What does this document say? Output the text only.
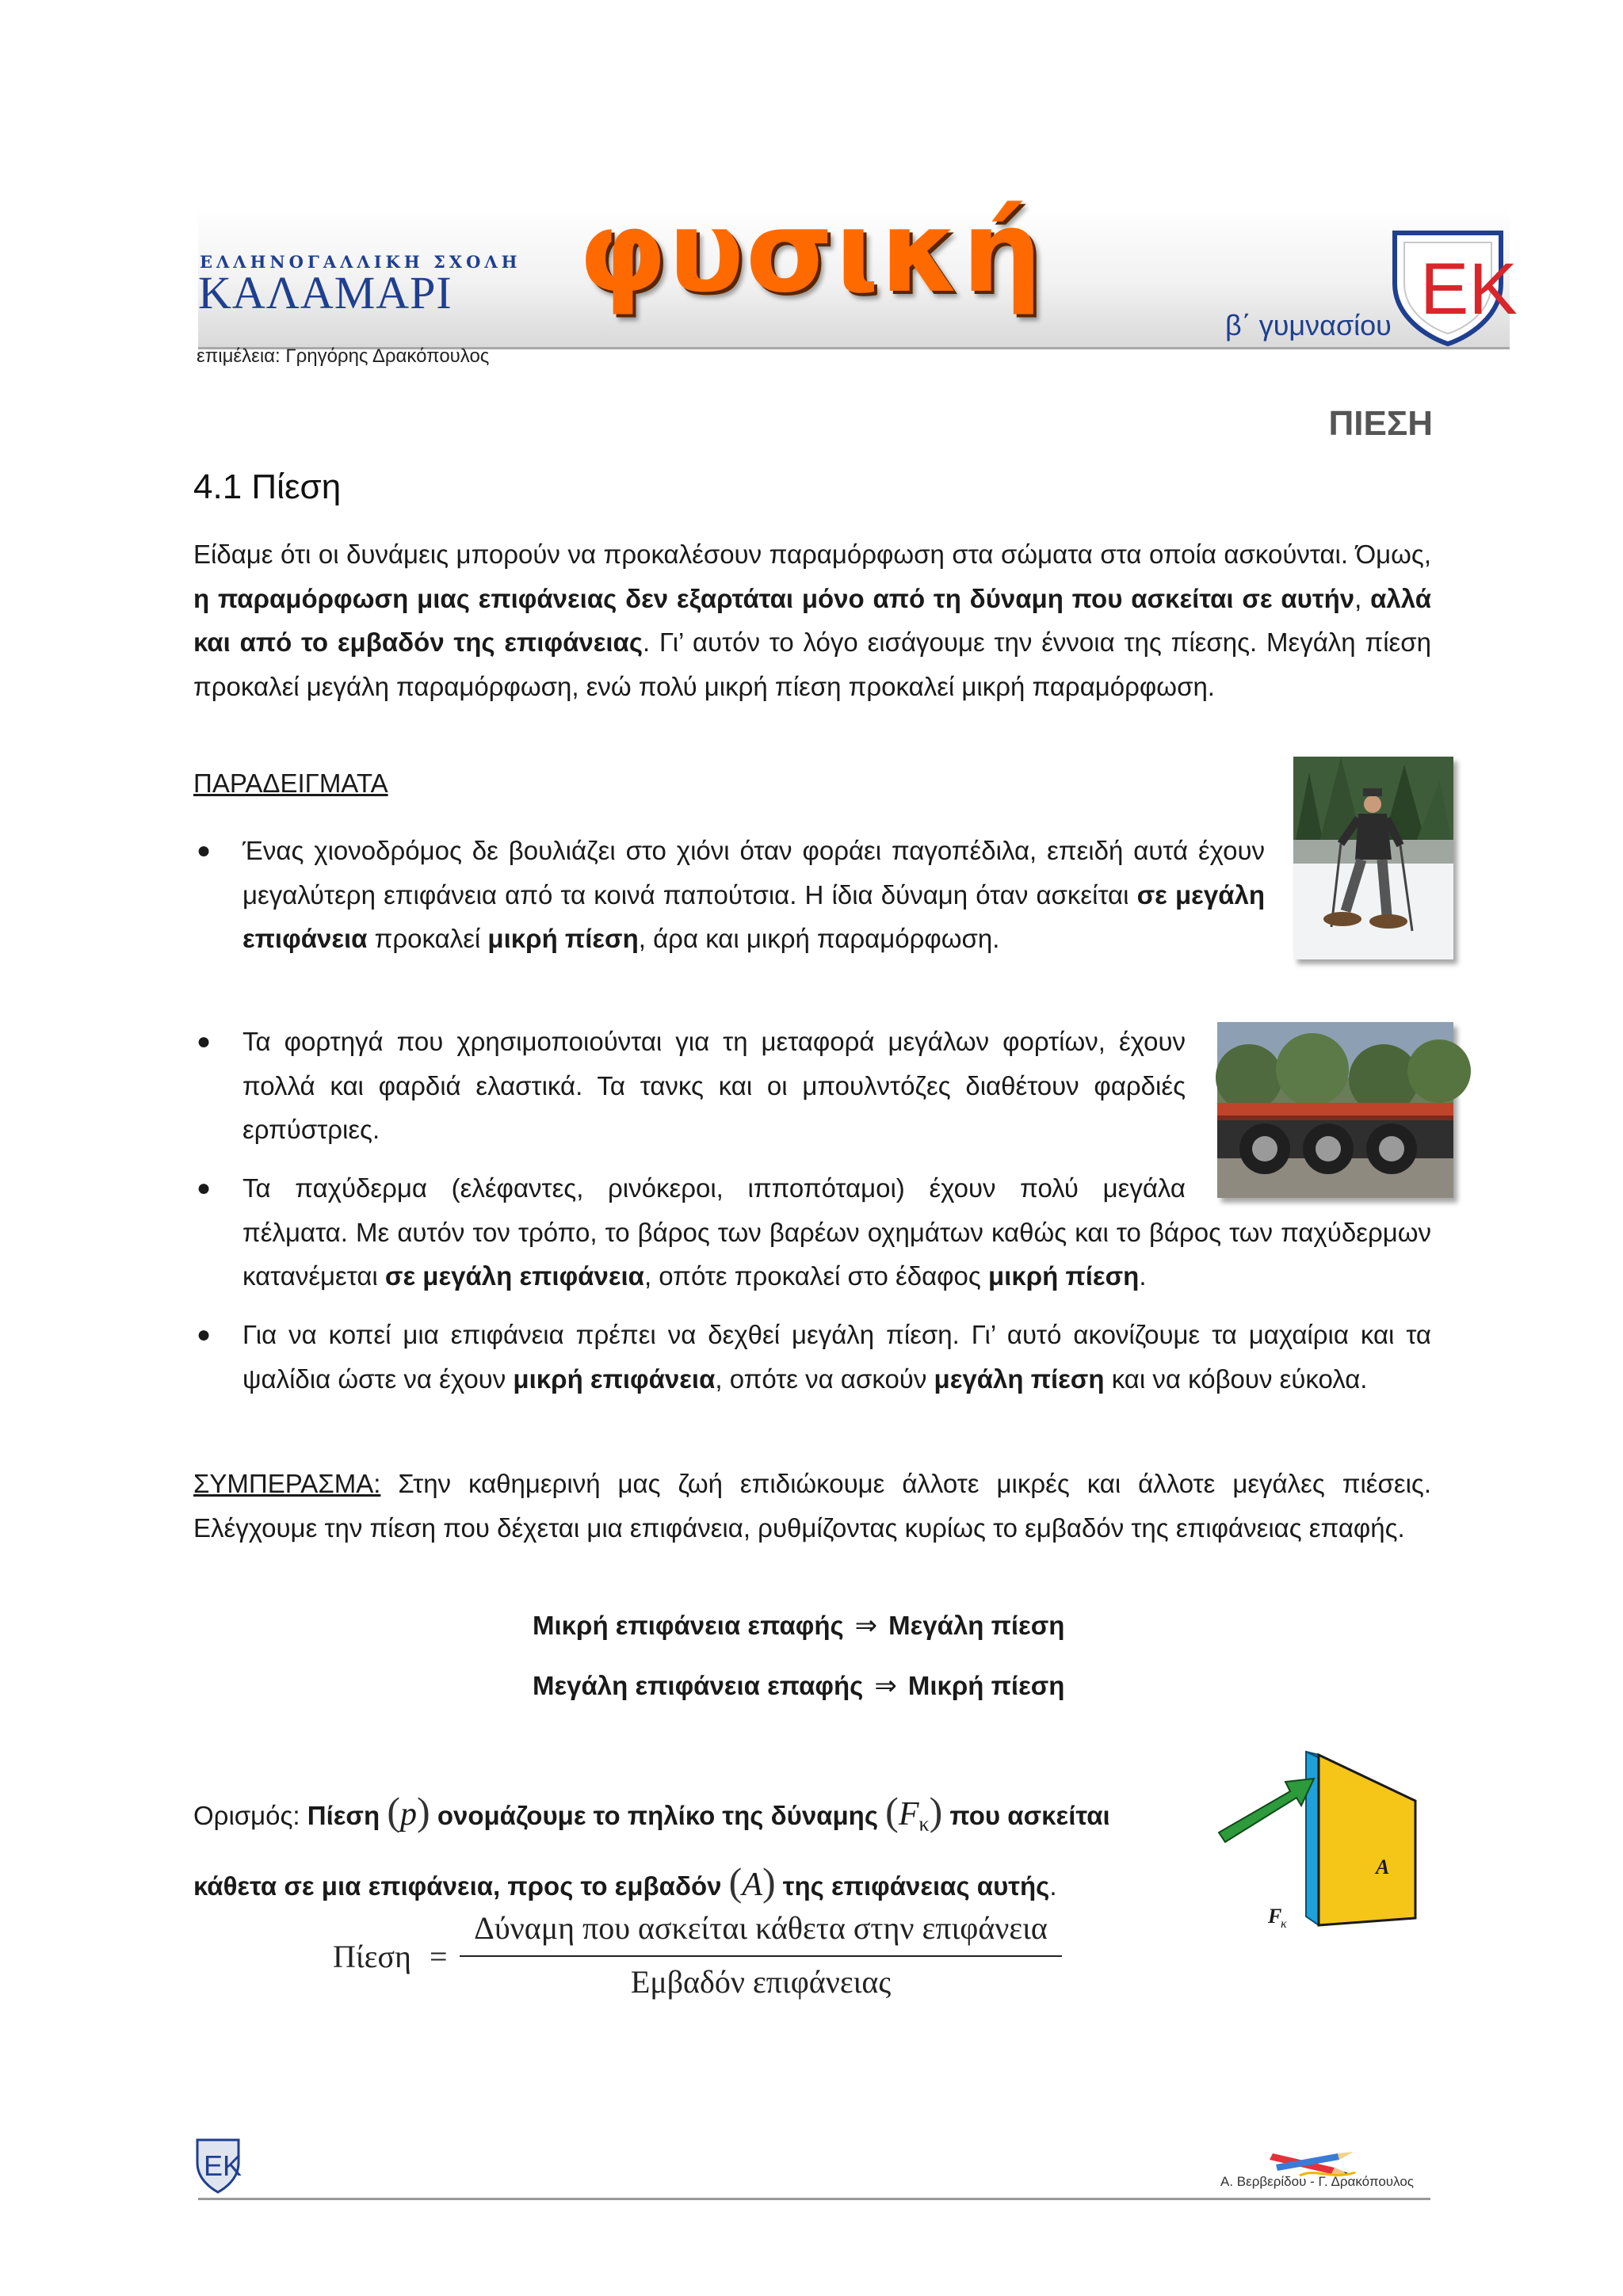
ΕΛΛΗΝΟΓΑΛΛΙΚΗ ΣΧΟΛΗ
ΚΑΛΑΜΑΡΙ
επιμέλεια: Γρηγόρης Δρακόπουλος
φυσική
β΄ γυμνασίου ΕΚ
ΠΙΕΣΗ
4.1 Πίεση
Είδαμε ότι οι δυνάμεις μπορούν να προκαλέσουν παραμόρφωση στα σώματα στα οποία ασκούνται. Όμως, η παραμόρφωση μιας επιφάνειας δεν εξαρτάται μόνο από τη δύναμη που ασκείται σε αυτήν, αλλά και από το εμβαδόν της επιφάνειας. Γι’ αυτόν το λόγο εισάγουμε την έννοια της πίεσης. Μεγάλη πίεση προκαλεί μεγάλη παραμόρφωση, ενώ πολύ μικρή πίεση προκαλεί μικρή παραμόρφωση.
ΠΑΡΑΔΕΙΓΜΑΤΑ
● Ένας χιονοδρόμος δε βουλιάζει στο χιόνι όταν φοράει παγοπέδιλα, επειδή αυτά έχουν μεγαλύτερη επιφάνεια από τα κοινά παπούτσια. Η ίδια δύναμη όταν ασκείται σε μεγάλη επιφάνεια προκαλεί μικρή πίεση, άρα και μικρή παραμόρφωση.
● Τα φορτηγά που χρησιμοποιούνται για τη μεταφορά μεγάλων φορτίων, έχουν πολλά και φαρδιά ελαστικά. Τα τανκς και οι μπουλντόζες διαθέτουν φαρδιές ερπύστριες.
● Τα παχύδερμα (ελέφαντες, ρινόκεροι, ιπποπόταμοι) έχουν πολύ μεγάλα
πέλματα. Με αυτόν τον τρόπο, το βάρος των βαρέων οχημάτων καθώς και το βάρος των παχύδερμων κατανέμεται σε μεγάλη επιφάνεια, οπότε προκαλεί στο έδαφος μικρή πίεση.
● Για να κοπεί μια επιφάνεια πρέπει να δεχθεί μεγάλη πίεση. Γι’ αυτό ακονίζουμε τα μαχαίρια και τα ψαλίδια ώστε να έχουν μικρή επιφάνεια, οπότε να ασκούν μεγάλη πίεση και να κόβουν εύκολα.
ΣΥΜΠΕΡΑΣΜΑ: Στην καθημερινή μας ζωή επιδιώκουμε άλλοτε μικρές και άλλοτε μεγάλες πιέσεις. Ελέγχουμε την πίεση που δέχεται μια επιφάνεια, ρυθμίζοντας κυρίως το εμβαδόν της επιφάνειας επαφής.
Μικρή επιφάνεια επαφής ⇒ Μεγάλη πίεση
Μεγάλη επιφάνεια επαφής ⇒ Μικρή πίεση
Ορισμός: Πίεση (p) ονομάζουμε το πηλίκο της δύναμης $(F_\kappa)$ που ασκείται
κάθετα σε μια επιφάνεια, προς το εμβαδόν (A) της επιφάνειας αυτής.
Πίεση =
Δύναμη που ασκείται κάθετα στην επιφάνεια
Εμβαδόν επιφάνειας
A
F
κ
ΕΚ	Α. Βερβερίδου - Γ. Δρακόπουλος
